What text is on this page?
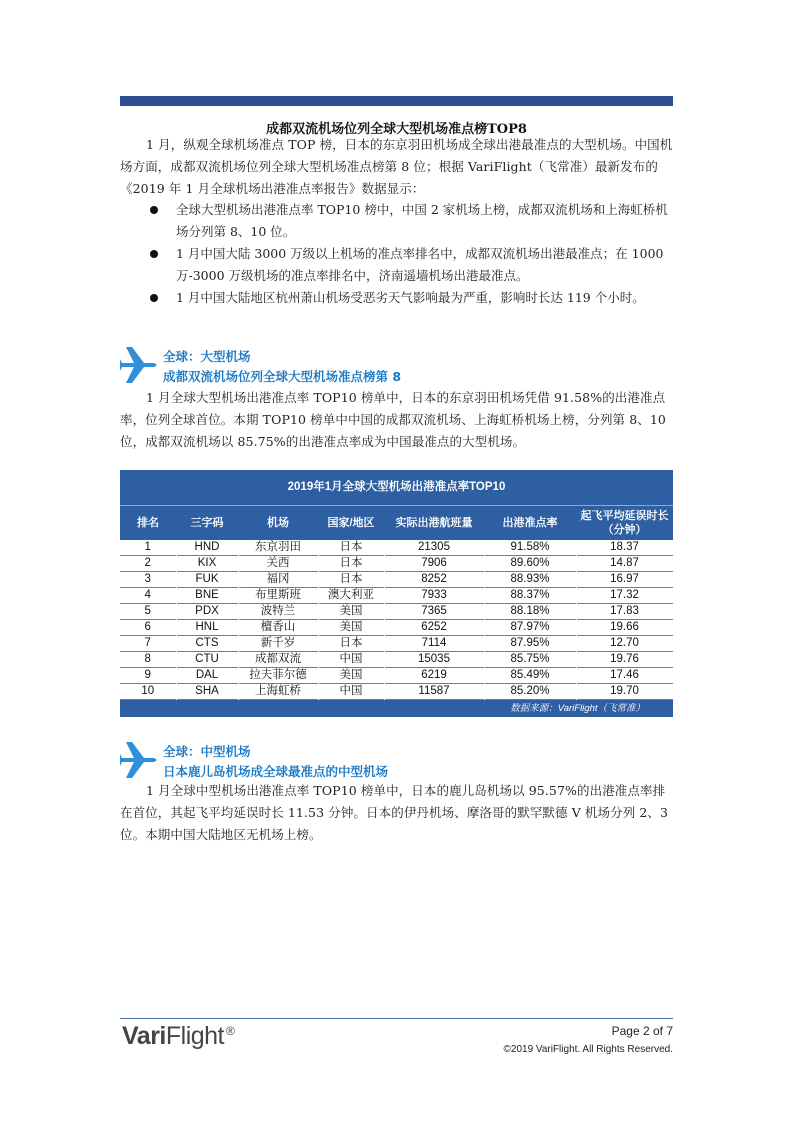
成都双流机场位列全球大型机场准点榜TOP8

1 月，纵观全球机场准点 TOP 榜，日本的东京羽田机场成全球出港最准点的大型机场。中国机场方面，成都双流机场位列全球大型机场准点榜第 8 位；根据 VariFlight（飞常准）最新发布的《2019 年 1 月全球机场出港准点率报告》数据显示：

全球大型机场出港准点率 TOP10 榜中，中国 2 家机场上榜，成都双流机场和上海虹桥机场分列第 8、10 位。
1 月中国大陆 3000 万级以上机场的准点率排名中，成都双流机场出港最准点；在 1000 万-3000 万级机场的准点率排名中，济南遥墙机场出港最准点。
1 月中国大陆地区杭州萧山机场受恶劣天气影响最为严重，影响时长达 119 个小时。
全球：大型机场
成都双流机场位列全球大型机场准点榜第 8

1 月全球大型机场出港准点率 TOP10 榜单中，日本的东京羽田机场凭借 91.58%的出港准点率，位列全球首位。本期 TOP10 榜单中中国的成都双流机场、上海虹桥机场上榜，分列第 8、10 位，成都双流机场以 85.75%的出港准点率成为中国最准点的大型机场。

2019年1月全球大型机场出港准点率TOP10
排名	三字码	机场	国家/地区	实际出港航班量	出港准点率	起飞平均延误时长（分钟）
1	HND	东京羽田	日本	21305	91.58%	18.37
2	KIX	关西	日本	7906	89.60%	14.87
3	FUK	福冈	日本	8252	88.93%	16.97
4	BNE	布里斯班	澳大利亚	7933	88.37%	17.32
5	PDX	波特兰	美国	7365	88.18%	17.83
6	HNL	檀香山	美国	6252	87.97%	19.66
7	CTS	新千岁	日本	7114	87.95%	12.70
8	CTU	成都双流	中国	15035	85.75%	19.76
9	DAL	拉夫菲尔德	美国	6219	85.49%	17.46
10	SHA	上海虹桥	中国	11587	85.20%	19.70
数据来源：VariFlight（飞常准）
全球：中型机场
日本鹿儿岛机场成全球最准点的中型机场

1 月全球中型机场出港准点率 TOP10 榜单中，日本的鹿儿岛机场以 95.57%的出港准点率排在首位，其起飞平均延误时长 11.53 分钟。日本的伊丹机场、摩洛哥的默罕默德 V 机场分列 2、3 位。本期中国大陆地区无机场上榜。

VariFlight ®	Page 2 of 7
©2019 VariFlight. All Rights Reserved.
